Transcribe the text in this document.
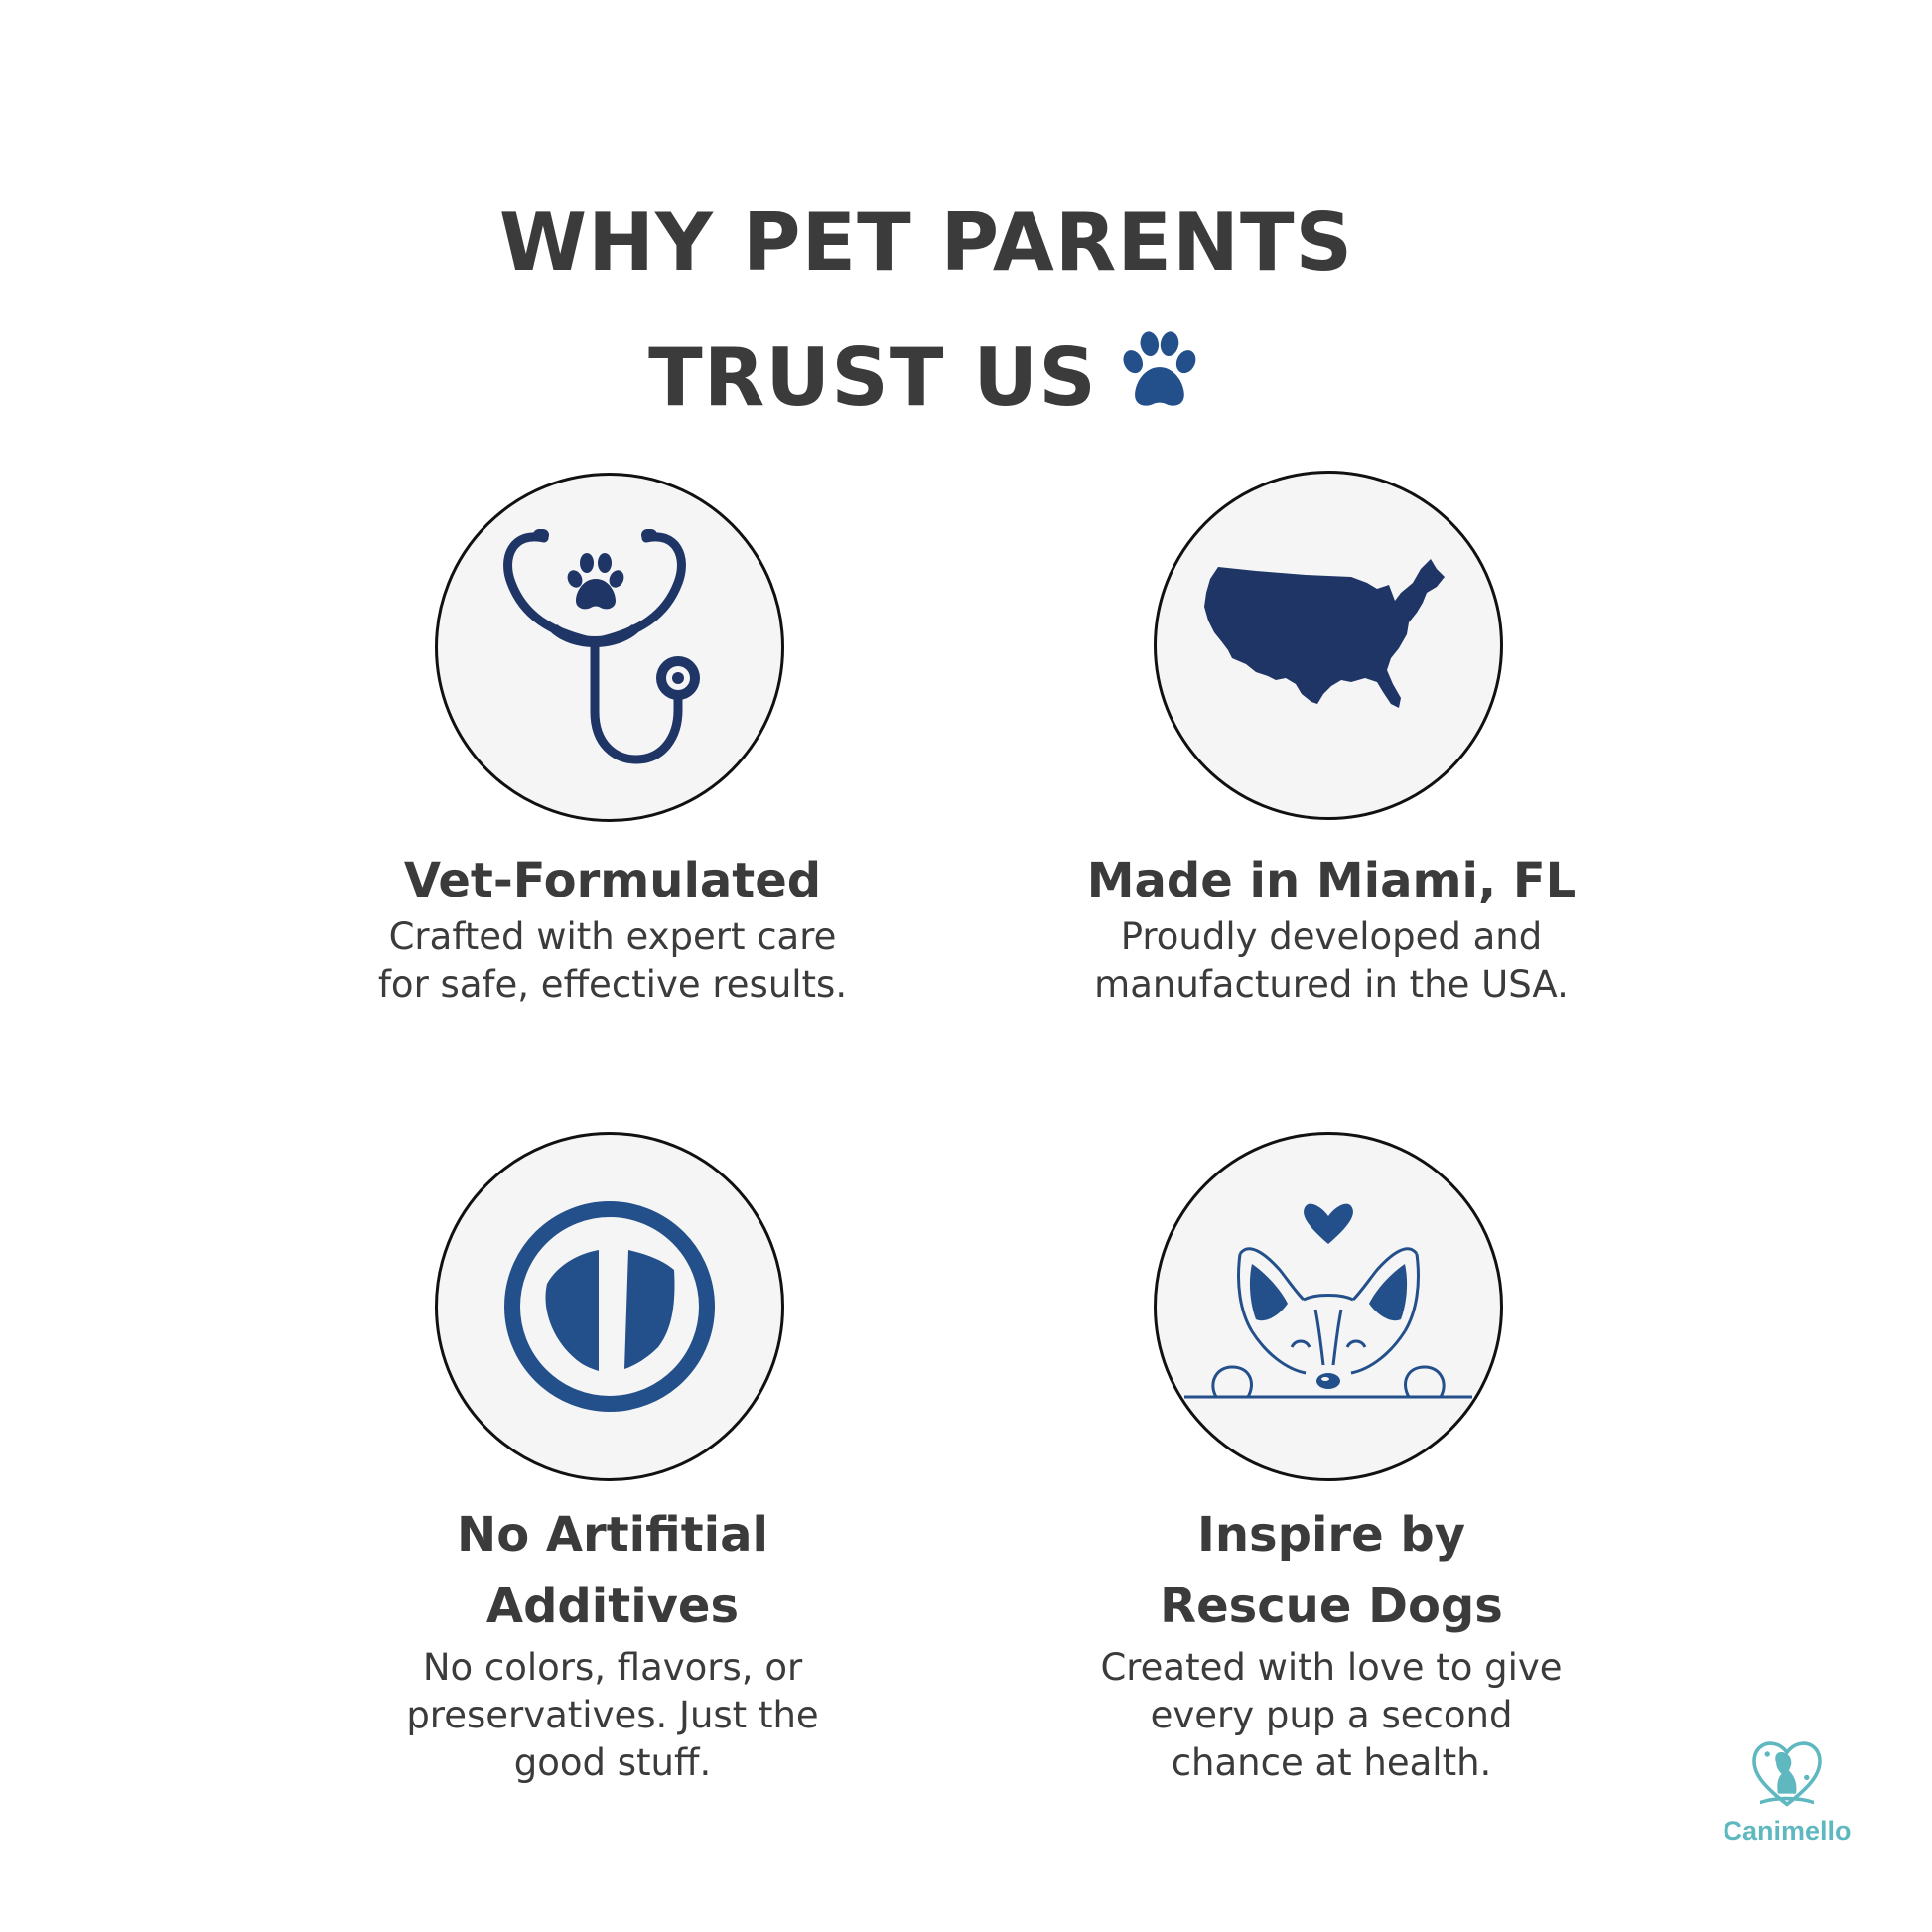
WHY PET PARENTS
TRUST US
Vet-Formulated
Crafted with expert care
for safe, effective results.
Made in Miami, FL
Proudly developed and
manufactured in the USA.
No Artifitial
Additives
No colors, flavors, or
preservatives. Just the
good stuff.
Inspire by
Rescue Dogs
Created with love to give
every pup a second
chance at health.
Canimello
